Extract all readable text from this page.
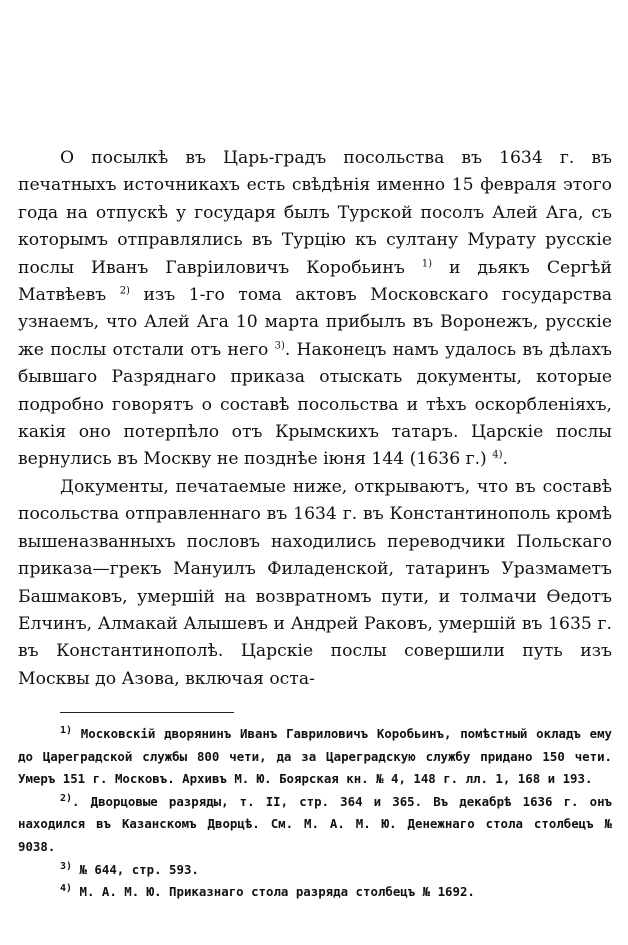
О посылкѣ въ Царь-градъ посольства въ 1634 г. въ печатныхъ источникахъ есть свѣдѣнія именно 15 февраля этого года на отпускѣ у государя былъ Турской посолъ Алей Ага, съ которымъ отправлялись въ Турцію къ султану Мурату русскіе послы Иванъ Гавріиловичъ Коробьинъ $^{1)}$ и дьякъ Сергѣй Матвѣевъ $^{2)}$ изъ 1-го тома актовъ Московскаго государства узнаемъ, что Алей Ага 10 марта прибылъ въ Воронежъ, русскіе же послы отстали отъ него $^{3)}$. Наконецъ намъ удалось въ дѣлахъ бывшаго Разряднаго приказа отыскать документы, которые подробно говорятъ о составѣ посольства и тѣхъ оскорбленіяхъ, какія оно потерпѣло отъ Крымскихъ татаръ. Царскіе послы вернулись въ Москву не позднѣе іюня 144 (1636 г.) $^{4)}$.

Документы, печатаемые ниже, открываютъ, что въ составѣ посольства отправленнаго въ 1634 г. въ Константинополь кромѣ вышеназванныхъ пословъ находились переводчики Польскаго приказа—грекъ Мануилъ Филаденской, татаринъ Уразмаметъ Башмаковъ, умершій на возвратномъ пути, и толмачи Ѳедотъ Елчинъ, Алмакай Алышевъ и Андрей Раковъ, умершій въ 1635 г. въ Константинополѣ. Царскіе послы совершили путь изъ Москвы до Азова, включая оста-

$^{1)}$ Московскій дворянинъ Иванъ Гавриловичъ Коробьинъ, помѣстный окладъ ему до Цареградской службы 800 чети, да за Цареградскую службу придано 150 чети. Умеръ 151 г. Московъ. Архивъ М. Ю. Боярская кн. № 4, 148 г. лл. 1, 168 и 193.

$^{2)}$. Дворцовые разряды, т. II, стр. 364 и 365. Въ декабрѣ 1636 г. онъ находился въ Казанскомъ Дворцѣ. См. М. А. М. Ю. Денежнаго стола столбецъ № 9038.

$^{3)}$ № 644, стр. 593.

$^{4)}$ М. А. М. Ю. Приказнаго стола разряда столбецъ № 1692.
